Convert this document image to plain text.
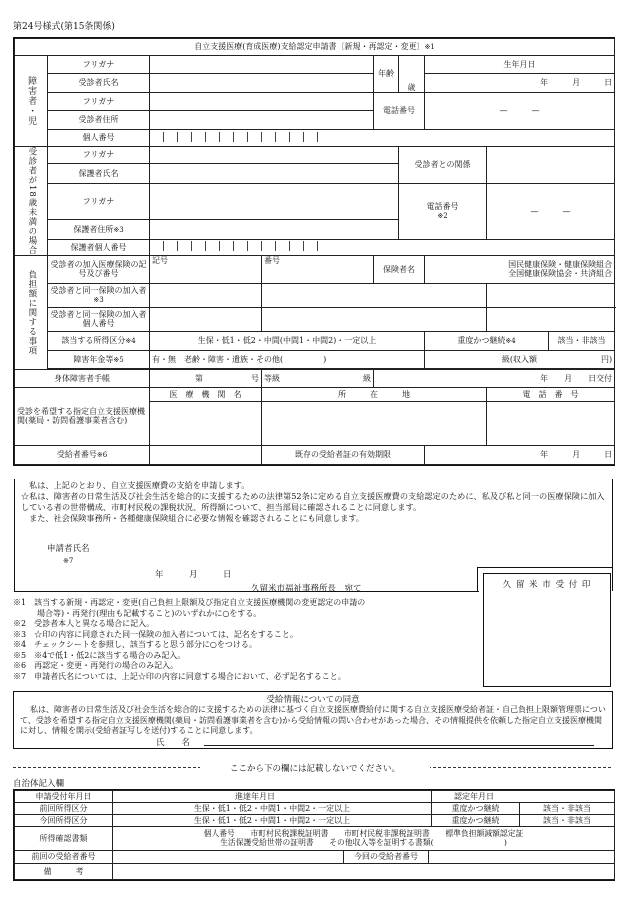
第24号様式(第15条関係)
自立支援医療(育成医療)支給認定申請書〔新規・再認定・変更〕※1								
障害者・児	フリガナ			年齢	歳	生年月日		
	受診者氏名					年　　　月　　　日		
	フリガナ			電話番号		—　　　—		
	受診者住所							
	個人番号							
受診者が18歳未満の場合	フリガナ				受診者との関係			
	保護者氏名							
	フリガナ				電話番号
※2		—　　　—	
	保護者住所※3							
	保護者個人番号							
負担額に関する事項	受診者の加入医療保険の記号及び番号	記号	番号	保険者名		国民健康保険・健康保険組合
全国健康保険協会・共済組合		
	受診者と同一保険の加入者※3							
	受診者と同一保険の加入者個人番号							
	該当する所得区分※4	生保・低1・低2・中間(中間1・中間2)・一定以上				重度かつ継続※4		該当・非該当
	障害年金等※5	有・無　 老齢・障害・遺族・その他(　　　　　)				級(収入額　　　　　　　　円)		

身体障害者手帳		第　　　　　　号	等級 級	年　　月　　日交付				
受診を希望する指定自立支援医療機関(薬局・訪問看護事業者含む)		医　療　機　関　名	所　　　在　　　地				電　話　番　号	

受給者番号※6			既存の受給者証の有効期限			年　　　月　　　日		
私は、上記のとおり、自立支援医療費の支給を申請します。
☆私は、障害者の日常生活及び社会生活を総合的に支援するための法律第52条に定める自立支援医療費の支給認定のために、私及び私と同一の医療保険に加入している者の世帯構成、市町村民税の課税状況、所得額について、担当部局に確認されることに同意します。
また、社会保険事務所・各種健康保険組合に必要な情報を確認されることにも同意します。
申請者氏名
※7
年　　　月　　　日
久留米市福祉事務所長　宛て	久 留 米 市 受 付 印
※1　該当する新規・再認定・変更(自己負担上限額及び指定自立支援医療機関の変更認定の申請の
　　　場合等)・再発行(理由も記載すること)のいずれかに○をする。
※2　受診者本人と異なる場合に記入。
※3　☆印の内容に同意された同一保険の加入者については、記名をすること。
※4　チェックシートを参照し、該当すると思う部分に○をつける。
※5　※4で低1・低2に該当する場合のみ記入。
※6　再認定・変更・再発行の場合のみ記入。
※7　申請者氏名については、上記☆印の内容に同意する場合において、必ず記名すること。
受給情報についての同意
私は、障害者の日常生活及び社会生活を総合的に支援するための法律に基づく自立支援医療費給付に関する自立支援医療受給者証・自己負担上限額管理票について、受診を希望する指定自立支援医療機関(薬局・訪問看護事業者を含む)から受給情報の問い合わせがあった場合、その情報提供を依頼した指定自立支援医療機関に対し、情報を開示(受給者証写しを送付)することに同意します。
氏　　名
ここから下の欄には記載しないでください。
自治体記入欄
申請受付年月日	進達年月日	認定年月日	
前回所得区分	生保・低1・低2・中間1・中間2・一定以上	重度かつ継続	該当・非該当
今回所得区分	生保・低1・低2・中間1・中間2・一定以上	重度かつ継続	該当・非該当
所得確認書類	個人番号　　市町村民税課税証明書　　市町村民税非課税証明書　　標準負担額減額認定証
生活保護受給世帯の証明書　　その他収入等を証明する書類(　　　　　　　　　)		
前回の受給者番号	今回の受給者番号		

備　　　考			
